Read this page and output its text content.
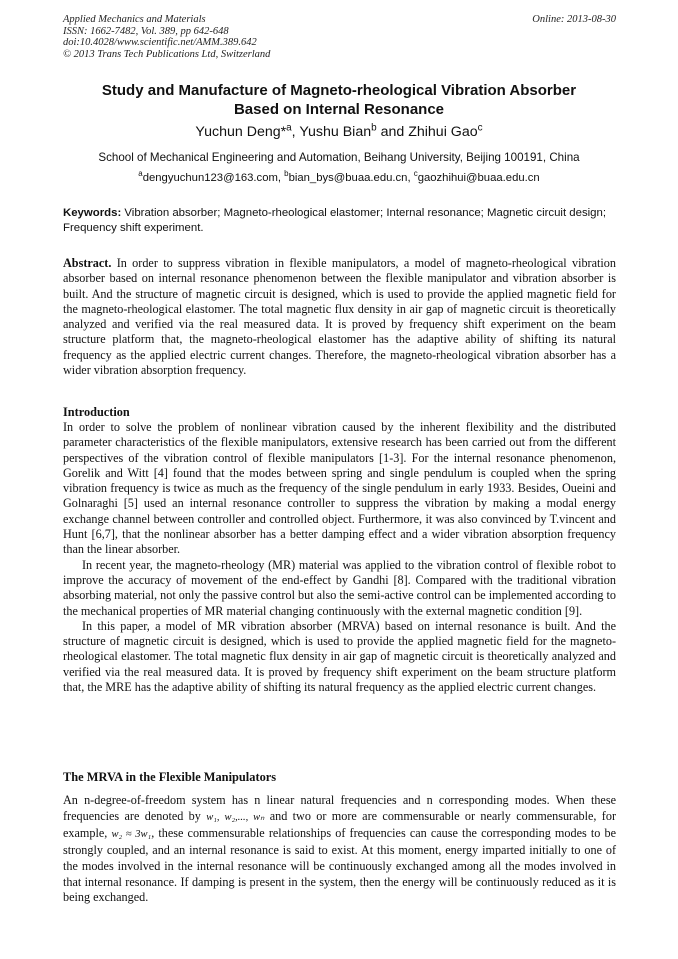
Applied Mechanics and Materials
ISSN: 1662-7482, Vol. 389, pp 642-648
doi:10.4028/www.scientific.net/AMM.389.642
© 2013 Trans Tech Publications Ltd, Switzerland
Online: 2013-08-30
Study and Manufacture of Magneto-rheological Vibration Absorber
Based on Internal Resonance
Yuchun Deng*$^a$, Yushu Bian$^b$ and Zhihui Gao$^c$
School of Mechanical Engineering and Automation, Beihang University, Beijing 100191, China
$^a$dengyuchun123@163.com, $^b$bian_bys@buaa.edu.cn, $^c$gaozhihui@buaa.edu.cn
Keywords: Vibration absorber; Magneto-rheological elastomer; Internal resonance; Magnetic circuit design; Frequency shift experiment.
Abstract. In order to suppress vibration in flexible manipulators, a model of magneto-rheological vibration absorber based on internal resonance phenomenon between the flexible manipulator and vibration absorber is built. And the structure of magnetic circuit is designed, which is used to provide the applied magnetic field for the magneto-rheological elastomer. The total magnetic flux density in air gap of magnetic circuit is theoretically analyzed and verified via the real measured data. It is proved by frequency shift experiment on the beam structure platform that, the magneto-rheological elastomer has the adaptive ability of shifting its natural frequency as the applied electric current changes. Therefore, the magneto-rheological vibration absorber has a wider vibration absorption frequency.
Introduction

In order to solve the problem of nonlinear vibration caused by the inherent flexibility and the distributed parameter characteristics of the flexible manipulators, extensive research has been carried out from the different perspectives of the vibration control of flexible manipulators [1-3]. For the internal resonance phenomenon, Gorelik and Witt [4] found that the modes between spring and single pendulum is coupled when the spring vibration frequency is twice as much as the frequency of the single pendulum in early 1933. Besides, Oueini and Golnaraghi [5] used an internal resonance controller to suppress the vibration by making a modal energy exchange channel between controller and controlled object. Furthermore, it was also convinced by T.vincent and Hunt [6,7], that the nonlinear absorber has a better damping effect and a wider vibration absorption frequency than the linear absorber.

In recent year, the magneto-rheology (MR) material was applied to the vibration control of flexible robot to improve the accuracy of movement of the end-effect by Gandhi [8]. Compared with the traditional vibration absorbing material, not only the passive control but also the semi-active control can be implemented according to the mechanical properties of MR material changing continuously with the external magnetic condition [9].

In this paper, a model of MR vibration absorber (MRVA) based on internal resonance is built. And the structure of magnetic circuit is designed, which is used to provide the applied magnetic field for the magneto-rheological elastomer. The total magnetic flux density in air gap of magnetic circuit is theoretically analyzed and verified via the real measured data. It is proved by frequency shift experiment on the beam structure platform that, the MRE has the adaptive ability of shifting its natural frequency as the applied electric current changes.

The MRVA in the Flexible Manipulators
An n-degree-of-freedom system has n linear natural frequencies and n corresponding modes. When these frequencies are denoted by w₁, w₂,..., wₙ and two or more are commensurable or nearly commensurable, for example, w₂ ≈ 3w₁, these commensurable relationships of frequencies can cause the corresponding modes to be strongly coupled, and an internal resonance is said to exist. At this moment, energy imparted initially to one of the modes involved in the internal resonance will be continuously exchanged among all the modes involved in that internal resonance. If damping is present in the system, then the energy will be continuously reduced as it is being exchanged.
